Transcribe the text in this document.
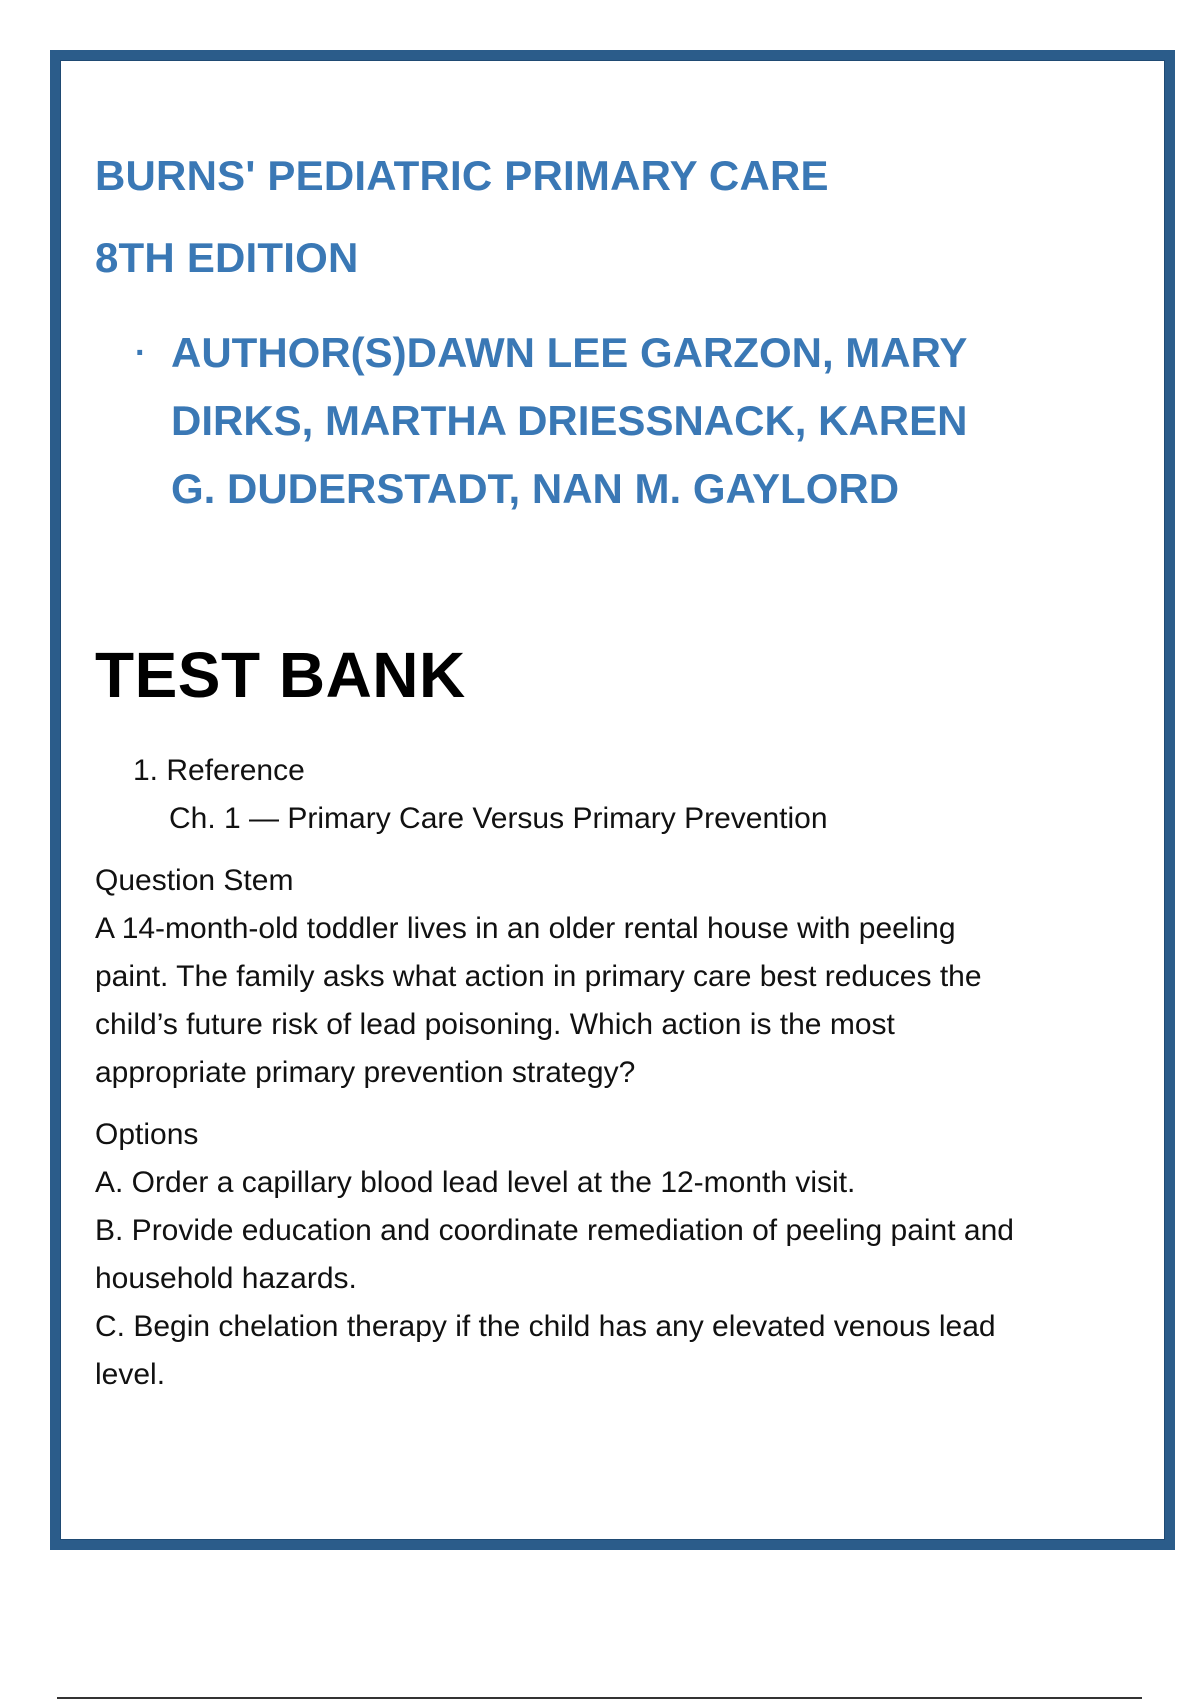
BURNS' PEDIATRIC PRIMARY CARE
8TH EDITION
· AUTHOR(S)DAWN LEE GARZON, MARY DIRKS, MARTHA DRIESSNACK, KAREN G. DUDERSTADT, NAN M. GAYLORD
TEST BANK
1. Reference
Ch. 1 — Primary Care Versus Primary Prevention
Question Stem
A 14-month-old toddler lives in an older rental house with peeling paint. The family asks what action in primary care best reduces the child’s future risk of lead poisoning. Which action is the most appropriate primary prevention strategy?
Options
A. Order a capillary blood lead level at the 12-month visit.
B. Provide education and coordinate remediation of peeling paint and household hazards.
C. Begin chelation therapy if the child has any elevated venous lead level.
